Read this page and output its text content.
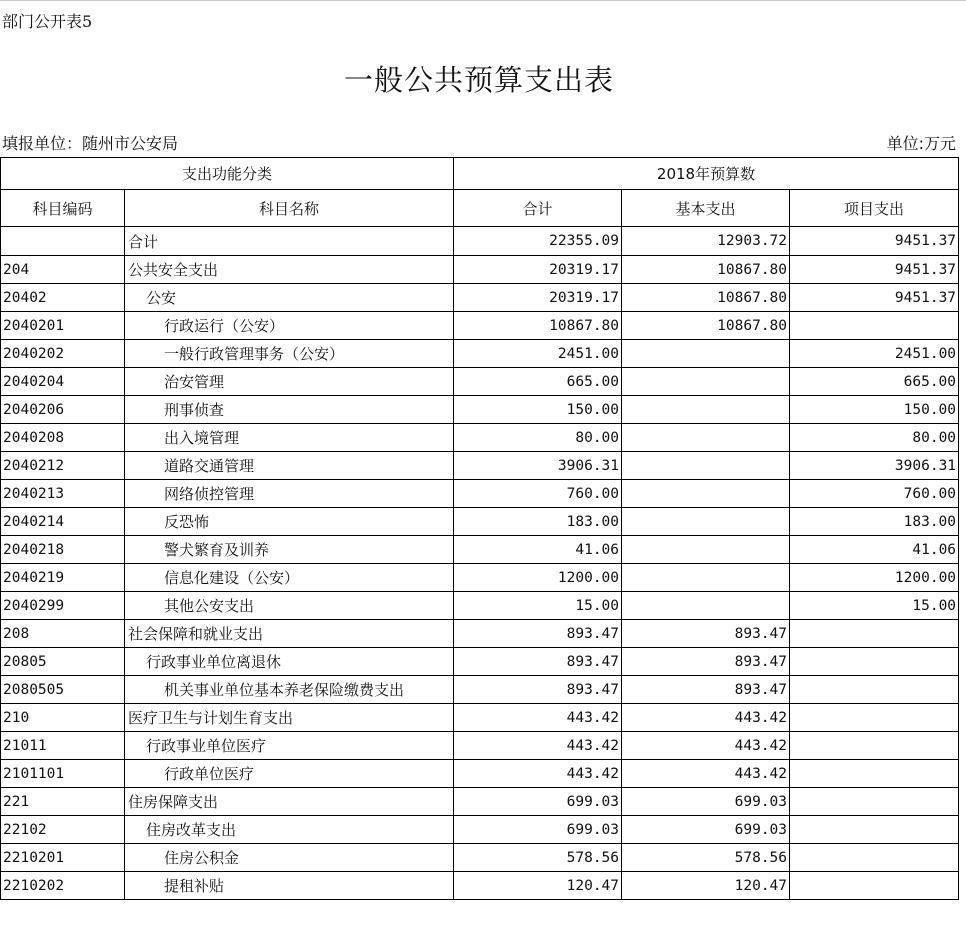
部门公开表5
一般公共预算支出表
填报单位：随州市公安局	单位:万元
支出功能分类		2018年预算数		
科目编码	科目名称	合计	基本支出	项目支出
	合计	22355.09	12903.72	9451.37
204	公共安全支出	20319.17	10867.80	9451.37
20402	公安	20319.17	10867.80	9451.37
2040201	行政运行（公安）	10867.80	10867.80	
2040202	一般行政管理事务（公安）	2451.00		2451.00
2040204	治安管理	665.00		665.00
2040206	刑事侦查	150.00		150.00
2040208	出入境管理	80.00		80.00
2040212	道路交通管理	3906.31		3906.31
2040213	网络侦控管理	760.00		760.00
2040214	反恐怖	183.00		183.00
2040218	警犬繁育及训养	41.06		41.06
2040219	信息化建设（公安）	1200.00		1200.00
2040299	其他公安支出	15.00		15.00
208	社会保障和就业支出	893.47	893.47	
20805	行政事业单位离退休	893.47	893.47	
2080505	机关事业单位基本养老保险缴费支出	893.47	893.47	
210	医疗卫生与计划生育支出	443.42	443.42	
21011	行政事业单位医疗	443.42	443.42	
2101101	行政单位医疗	443.42	443.42	
221	住房保障支出	699.03	699.03	
22102	住房改革支出	699.03	699.03	
2210201	住房公积金	578.56	578.56	
2210202	提租补贴	120.47	120.47	
